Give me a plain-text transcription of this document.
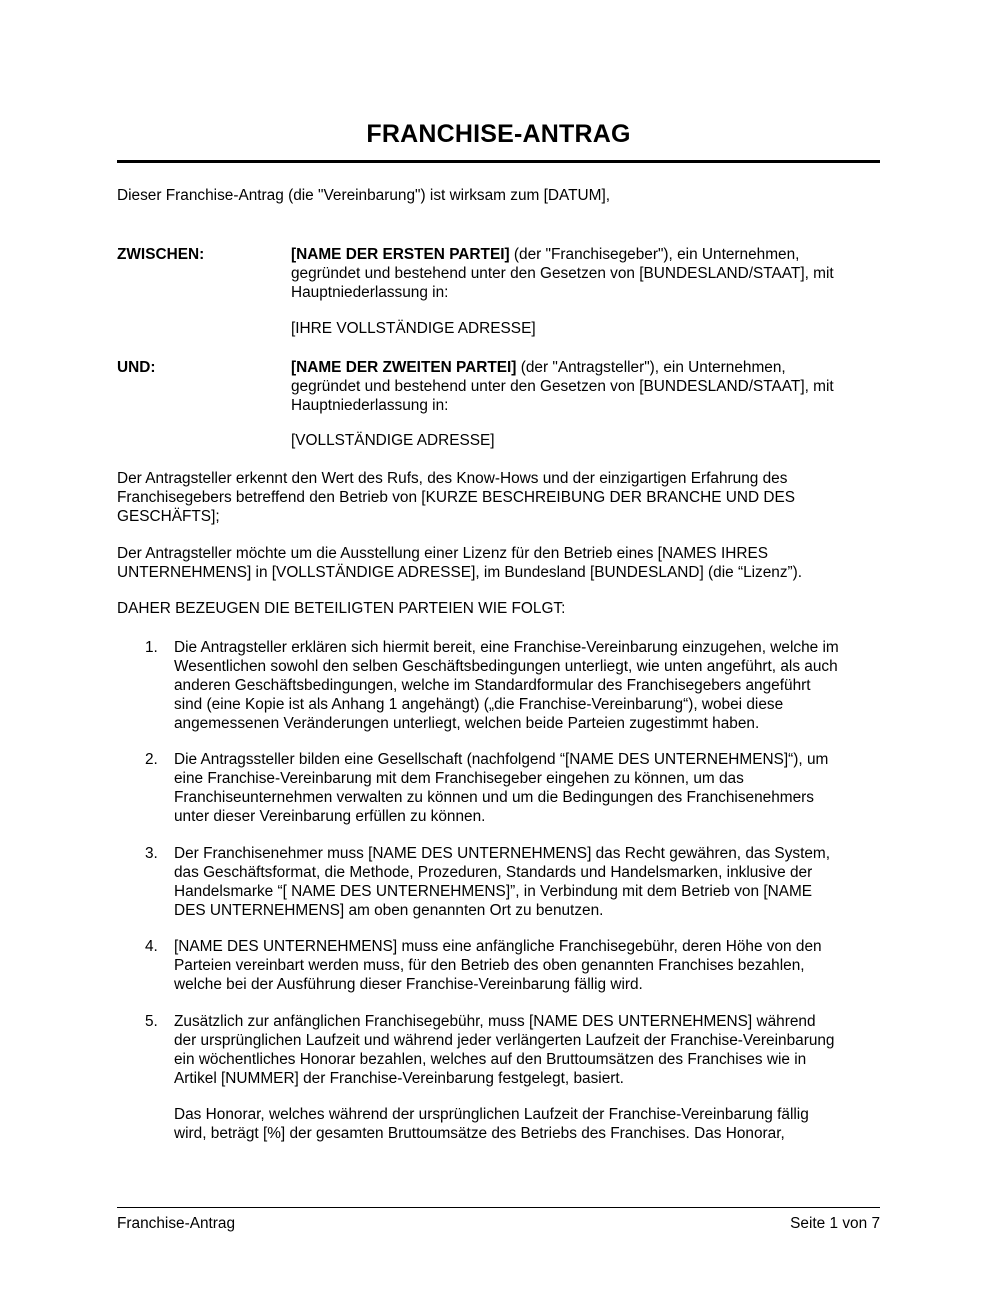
FRANCHISE-ANTRAG
Dieser Franchise-Antrag (die "Vereinbarung") ist wirksam zum [DATUM],
ZWISCHEN:	[NAME DER ERSTEN PARTEI] (der "Franchisegeber"), ein Unternehmen,
gegründet und bestehend unter den Gesetzen von [BUNDESLAND/STAAT], mit
Hauptniederlassung in:
[IHRE VOLLSTÄNDIGE ADRESSE]
UND:	[NAME DER ZWEITEN PARTEI] (der "Antragsteller"), ein Unternehmen,
gegründet und bestehend unter den Gesetzen von [BUNDESLAND/STAAT], mit
Hauptniederlassung in:
[VOLLSTÄNDIGE ADRESSE]
Der Antragsteller erkennt den Wert des Rufs, des Know-Hows und der einzigartigen Erfahrung des
Franchisegebers betreffend den Betrieb von [KURZE BESCHREIBUNG DER BRANCHE UND DES
GESCHÄFTS];
Der Antragsteller möchte um die Ausstellung einer Lizenz für den Betrieb eines [NAMES IHRES
UNTERNEHMENS] in [VOLLSTÄNDIGE ADRESSE], im Bundesland [BUNDESLAND] (die “Lizenz”).
DAHER BEZEUGEN DIE BETEILIGTEN PARTEIEN WIE FOLGT:
1.	Die Antragsteller erklären sich hiermit bereit, eine Franchise-Vereinbarung einzugehen, welche im
Wesentlichen sowohl den selben Geschäftsbedingungen unterliegt, wie unten angeführt, als auch
anderen Geschäftsbedingungen, welche im Standardformular des Franchisegebers angeführt
sind (eine Kopie ist als Anhang 1 angehängt) („die Franchise-Vereinbarung“), wobei diese
angemessenen Veränderungen unterliegt, welchen beide Parteien zugestimmt haben.
2.	Die Antragssteller bilden eine Gesellschaft (nachfolgend “[NAME DES UNTERNEHMENS]“), um
eine Franchise-Vereinbarung mit dem Franchisegeber eingehen zu können, um das
Franchiseunternehmen verwalten zu können und um die Bedingungen des Franchisenehmers
unter dieser Vereinbarung erfüllen zu können.
3.	Der Franchisenehmer muss [NAME DES UNTERNEHMENS] das Recht gewähren, das System,
das Geschäftsformat, die Methode, Prozeduren, Standards und Handelsmarken, inklusive der
Handelsmarke “[ NAME DES UNTERNEHMENS]”, in Verbindung mit dem Betrieb von [NAME
DES UNTERNEHMENS] am oben genannten Ort zu benutzen.
4.	[NAME DES UNTERNEHMENS] muss eine anfängliche Franchisegebühr, deren Höhe von den
Parteien vereinbart werden muss, für den Betrieb des oben genannten Franchises bezahlen,
welche bei der Ausführung dieser Franchise-Vereinbarung fällig wird.
5.	Zusätzlich zur anfänglichen Franchisegebühr, muss [NAME DES UNTERNEHMENS] während
der ursprünglichen Laufzeit und während jeder verlängerten Laufzeit der Franchise-Vereinbarung
ein wöchentliches Honorar bezahlen, welches auf den Bruttoumsätzen des Franchises wie in
Artikel [NUMMER] der Franchise-Vereinbarung festgelegt, basiert.
Das Honorar, welches während der ursprünglichen Laufzeit der Franchise-Vereinbarung fällig
wird, beträgt [%] der gesamten Bruttoumsätze des Betriebs des Franchises. Das Honorar,
Franchise-Antrag	Seite 1 von 7
